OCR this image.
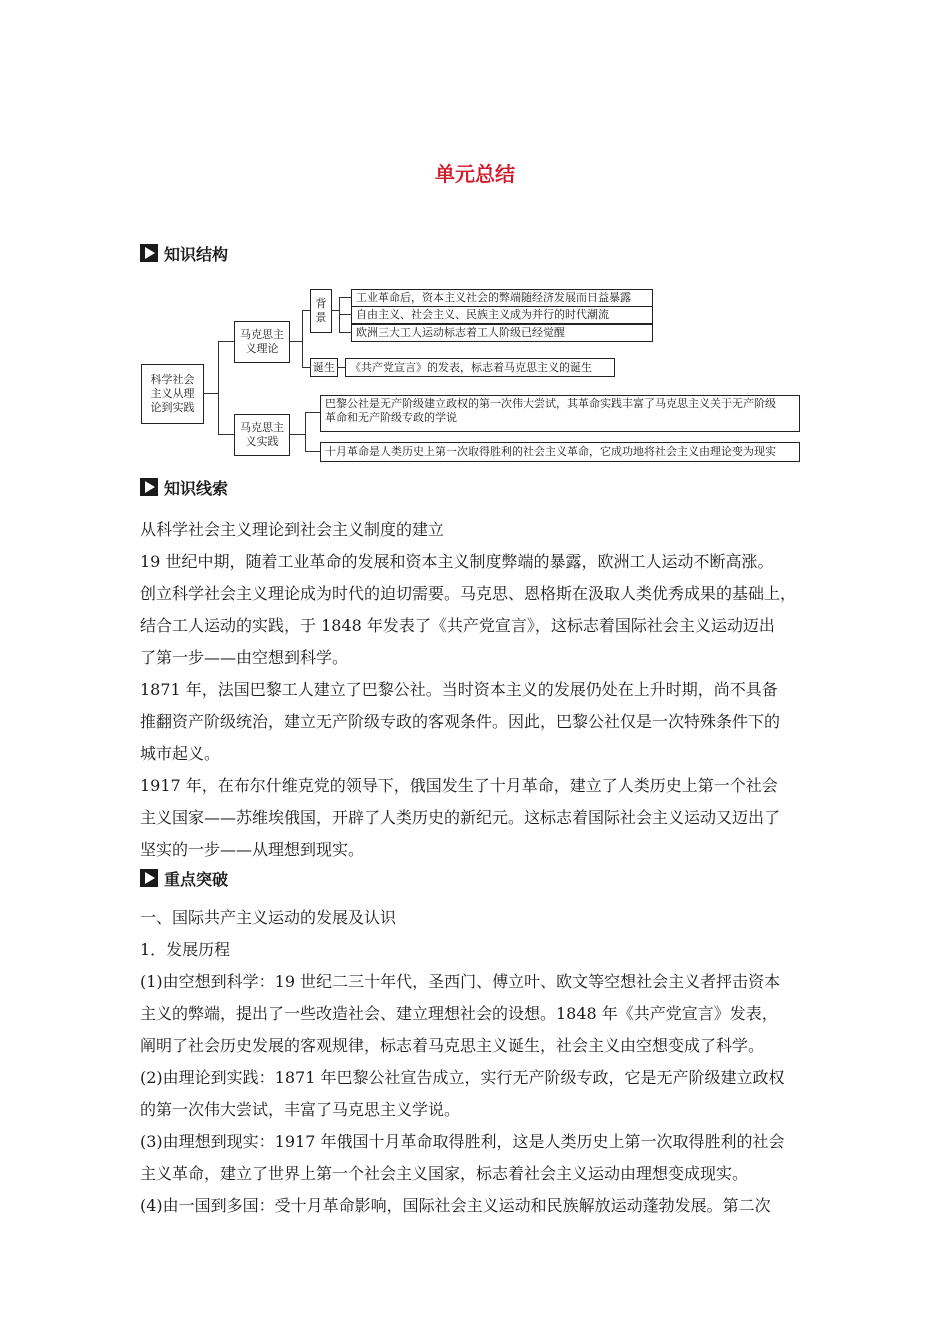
单元总结
知识结构
科学社会
主义从理
论到实践
马克思主
义理论
背
景
工业革命后，资本主义社会的弊端随经济发展而日益暴露
自由主义、社会主义、民族主义成为并行的时代潮流
欧洲三大工人运动标志着工人阶级已经觉醒
诞生	《共产党宣言》的发表，标志着马克思主义的诞生
马克思主
义实践
巴黎公社是无产阶级建立政权的第一次伟大尝试，其革命实践丰富了马克思主义关于无产阶级
革命和无产阶级专政的学说
十月革命是人类历史上第一次取得胜利的社会主义革命，它成功地将社会主义由理论变为现实
知识线索
从科学社会主义理论到社会主义制度的建立
19 世纪中期，随着工业革命的发展和资本主义制度弊端的暴露，欧洲工人运动不断高涨。
创立科学社会主义理论成为时代的迫切需要。马克思、恩格斯在汲取人类优秀成果的基础上，
结合工人运动的实践，于 1848 年发表了《共产党宣言》，这标志着国际社会主义运动迈出
了第一步——由空想到科学。
1871 年，法国巴黎工人建立了巴黎公社。当时资本主义的发展仍处在上升时期，尚不具备
推翻资产阶级统治，建立无产阶级专政的客观条件。因此，巴黎公社仅是一次特殊条件下的
城市起义。
1917 年，在布尔什维克党的领导下，俄国发生了十月革命，建立了人类历史上第一个社会
主义国家——苏维埃俄国，开辟了人类历史的新纪元。这标志着国际社会主义运动又迈出了
坚实的一步——从理想到现实。
重点突破
一、国际共产主义运动的发展及认识
1．发展历程
(1)由空想到科学：19 世纪二三十年代，圣西门、傅立叶、欧文等空想社会主义者抨击资本
主义的弊端，提出了一些改造社会、建立理想社会的设想。1848 年《共产党宣言》发表，
阐明了社会历史发展的客观规律，标志着马克思主义诞生，社会主义由空想变成了科学。
(2)由理论到实践：1871 年巴黎公社宣告成立，实行无产阶级专政，它是无产阶级建立政权
的第一次伟大尝试，丰富了马克思主义学说。
(3)由理想到现实：1917 年俄国十月革命取得胜利，这是人类历史上第一次取得胜利的社会
主义革命，建立了世界上第一个社会主义国家，标志着社会主义运动由理想变成现实。
(4)由一国到多国：受十月革命影响，国际社会主义运动和民族解放运动蓬勃发展。第二次
